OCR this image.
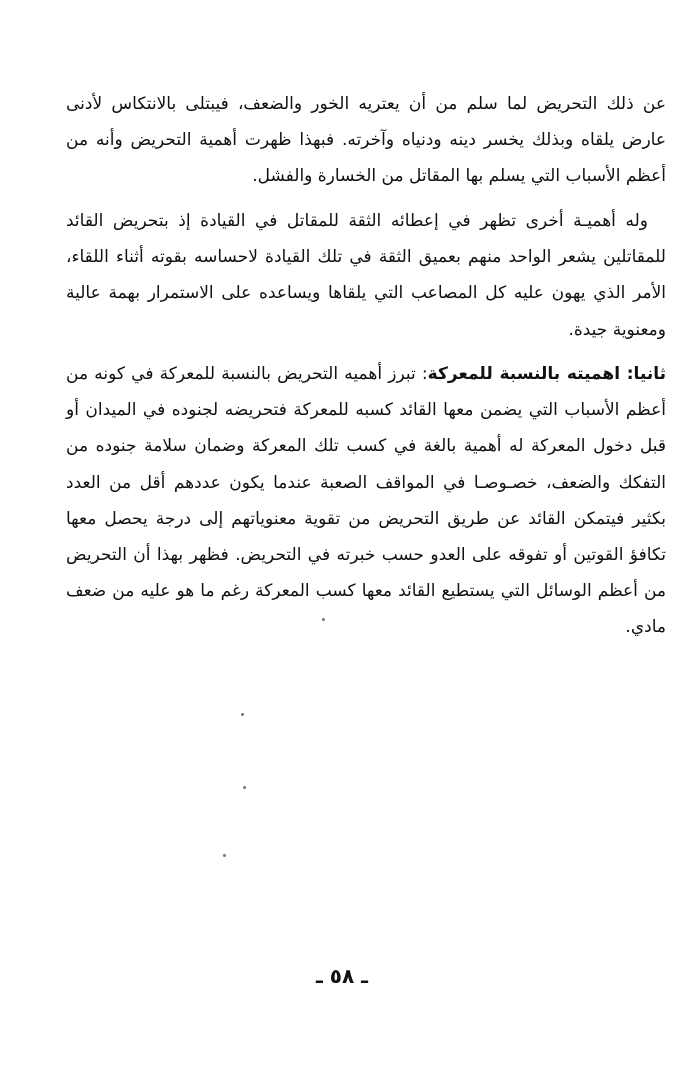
عن ذلك التحريض لما سلم من أن يعتريه الخور والضعف، فيبتلى بالانتكاس لأدنى عارض يلقاه وبذلك يخسر دينه ودنياه وآخرته. فبهذا ظهرت أهمية التحريض وأنه من أعظم الأسباب التي يسلم بها المقاتل من الخسارة والفشل.

وله أهميـة أخرى تظهر في إعطائه الثقة للمقاتل في القيادة إذ بتحريض القائد للمقاتلين يشعر الواحد منهم بعميق الثقة في تلك القيادة لاحساسه بقوته أثناء اللقاء، الأمر الذي يهون عليه كل المصاعب التي يلقاها ويساعده على الاستمرار بهمة عالية ومعنوية جيدة.

ثانيا: اهميته بالنسبة للمعركة: تبرز أهميه التحريض بالنسبة للمعركة في كونه من أعظم الأسباب التي يضمن معها القائد كسبه للمعركة فتحريضه لجنوده في الميدان أو قبل دخول المعركة له أهمية بالغة في كسب تلك المعركة وضمان سلامة جنوده من التفكك والضعف، خصـوصـا في المواقف الصعبة عندما يكون عددهم أقل من العدد بكثير فيتمكن القائد عن طريق التحريض من تقوية معنوياتهم إلى درجة يحصل معها تكافؤ القوتين أو تفوقه على العدو حسب خبرته في التحريض. فظهر بهذا أن التحريض من أعظم الوسائل التي يستطيع القائد معها كسب المعركة رغم ما هو عليه من ضعف مادي.

ـ ٥٨ ـ
